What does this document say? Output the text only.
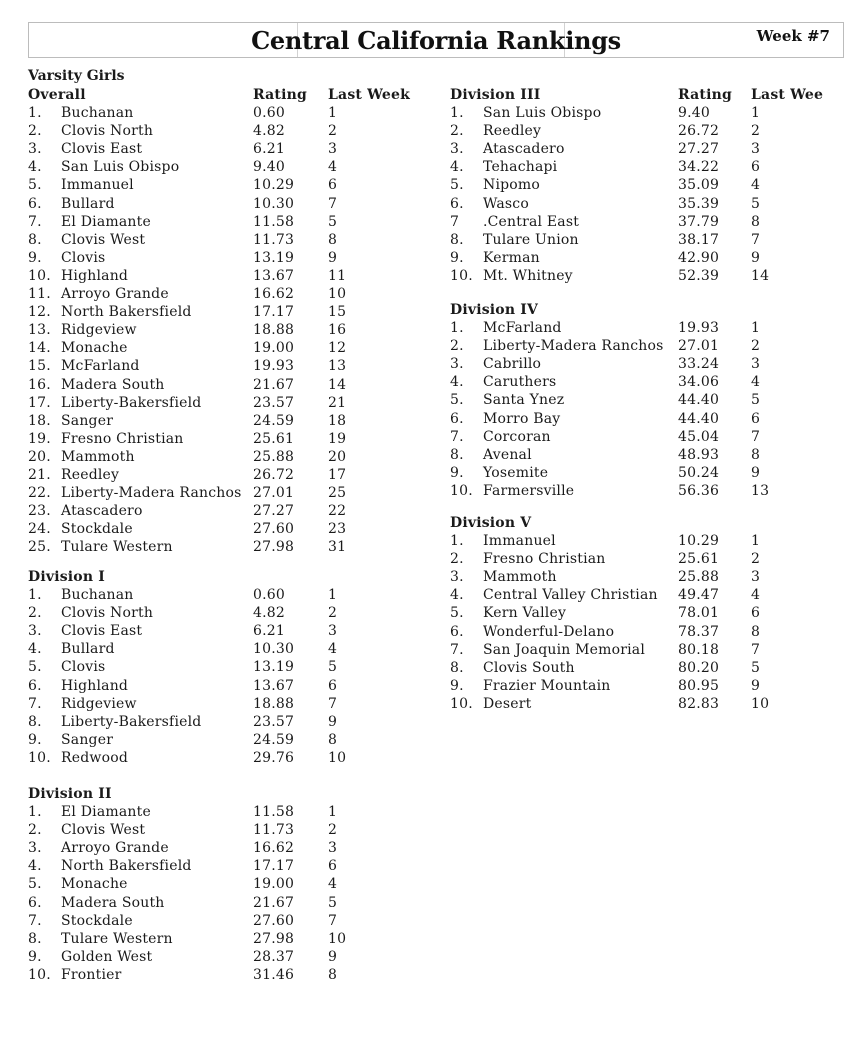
Central California Rankings	Week #7
Varsity Girls
Overall	Rating	Last Week
1.	Buchanan	0.60	1
2.	Clovis North	4.82	2
3.	Clovis East	6.21	3
4.	San Luis Obispo	9.40	4
5.	Immanuel	10.29	6
6.	Bullard	10.30	7
7.	El Diamante	11.58	5
8.	Clovis West	11.73	8
9.	Clovis	13.19	9
10. Highland	13.67	11
11. Arroyo Grande	16.62	10
12. North Bakersfield	17.17	15
13. Ridgeview	18.88	16
14. Monache	19.00	12
15. McFarland	19.93	13
16. Madera South	21.67	14
17. Liberty-Bakersfield	23.57	21
18. Sanger	24.59	18
19. Fresno Christian	25.61	19
20. Mammoth	25.88	20
21. Reedley	26.72	17
22. Liberty-Madera Ranchos 27.01	25
23. Atascadero	27.27	22
24. Stockdale	27.60	23
25. Tulare Western	27.98	31
Division I
1.	Buchanan	0.60	1
2.	Clovis North	4.82	2
3.	Clovis East	6.21	3
4.	Bullard	10.30	4
5.	Clovis	13.19	5
6.	Highland	13.67	6
7.	Ridgeview	18.88	7
8.	Liberty-Bakersfield	23.57	9
9.	Sanger	24.59	8
10. Redwood	29.76	10
Division II
1.	El Diamante	11.58	1
2.	Clovis West	11.73	2
3.	Arroyo Grande	16.62	3
4.	North Bakersfield	17.17	6
5.	Monache	19.00	4
6.	Madera South	21.67	5
7.	Stockdale	27.60	7
8.	Tulare Western	27.98	10
9.	Golden West	28.37	9
10. Frontier	31.46	8
Division III	Rating	Last Wee
1.	San Luis Obispo	9.40	1
2.	Reedley	26.72	2
3.	Atascadero	27.27	3
4.	Tehachapi	34.22	6
5.	Nipomo	35.09	4
6.	Wasco	35.39	5
7	.Central East	37.79	8
8.	Tulare Union	38.17	7
9.	Kerman	42.90	9
10. Mt. Whitney	52.39	14
Division IV
1.	McFarland	19.93	1
2.	Liberty-Madera Ranchos	27.01	2
3.	Cabrillo	33.24	3
4.	Caruthers	34.06	4
5.	Santa Ynez	44.40	5
6.	Morro Bay	44.40	6
7.	Corcoran	45.04	7
8.	Avenal	48.93	8
9.	Yosemite	50.24	9
10. Farmersville	56.36	13
Division V
1.	Immanuel	10.29	1
2.	Fresno Christian	25.61	2
3.	Mammoth	25.88	3
4.	Central Valley Christian	49.47	4
5.	Kern Valley	78.01	6
6.	Wonderful-Delano	78.37	8
7.	San Joaquin Memorial	80.18	7
8.	Clovis South	80.20	5
9.	Frazier Mountain	80.95	9
10. Desert	82.83	10
